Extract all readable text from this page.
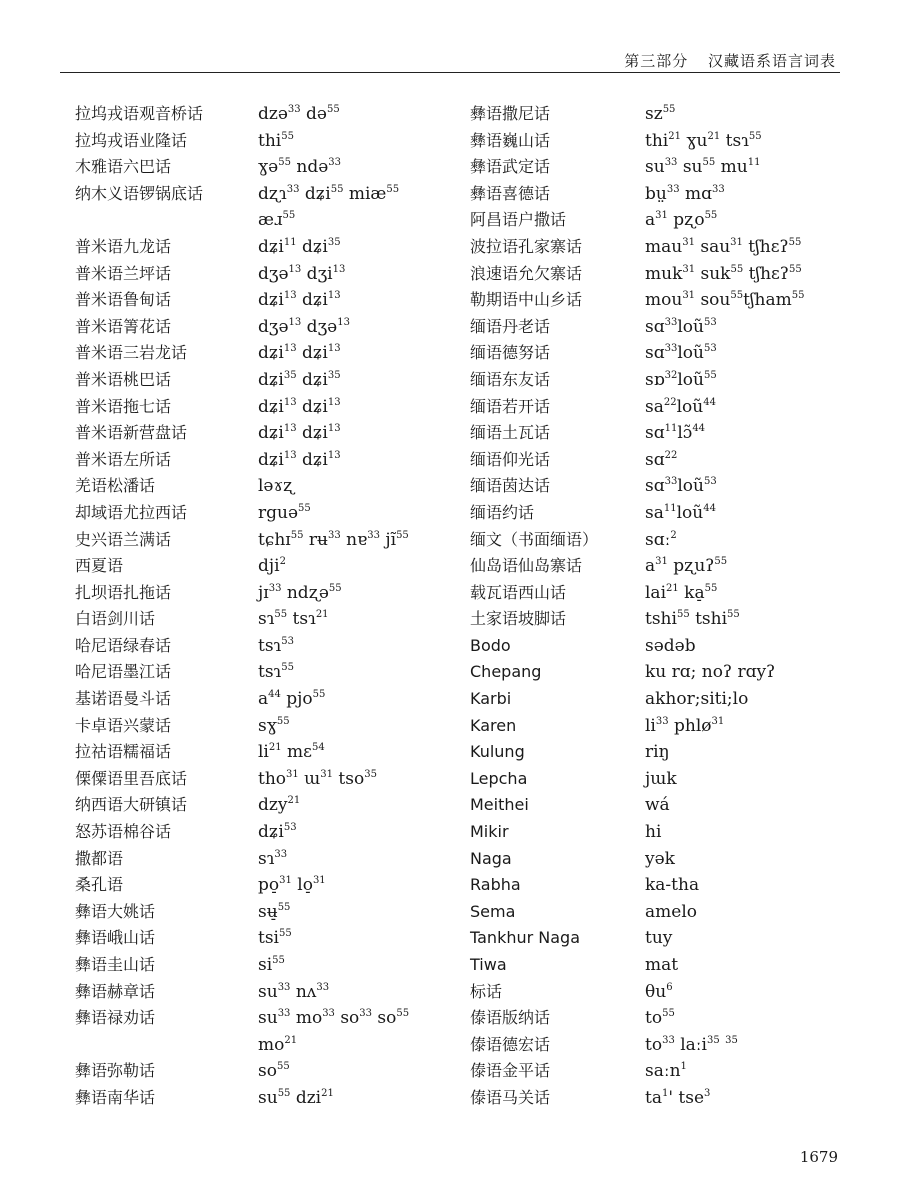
第三部分 汉藏语系语言词表
拉坞戎语观音桥话
拉坞戎语业隆话
木雅语六巴话
纳木义语锣锅底话
普米语九龙话
普米语兰坪话
普米语鲁甸话
普米语箐花话
普米语三岩龙话
普米语桃巴话
普米语拖七话
普米语新营盘话
普米语左所话
羌语松潘话
却域语尤拉西话
史兴语兰满话
西夏语
扎坝语扎拖话
白语剑川话
哈尼语绿春话
哈尼语墨江话
基诺语曼斗话
卡卓语兴蒙话
拉祜语糯福话
傈僳语里吾底话
纳西语大研镇话
怒苏语棉谷话
撒都语
桑孔语
彝语大姚话
彝语峨山话
彝语圭山话
彝语赫章话
彝语禄劝话
彝语弥勒话
彝语南华话
dzə$^{33}$ də$^{55}$
thi$^{55}$
ɣə$^{55}$ ndə$^{33}$
dʐɿ$^{33}$ dʑi$^{55}$ miæ$^{55}$
æɹ$^{55}$
dʑi$^{11}$ dʑi$^{35}$
dʒə$^{13}$ dʒi$^{13}$
dʑi$^{13}$ dʑi$^{13}$
dʒə$^{13}$ dʒə$^{13}$
dʑi$^{13}$ dʑi$^{13}$
dʑi$^{35}$ dʑi$^{35}$
dʑi$^{13}$ dʑi$^{13}$
dʑi$^{13}$ dʑi$^{13}$
dʑi$^{13}$ dʑi$^{13}$
ləɤʐ
rguə$^{55}$
tɕhɪ$^{55}$ rʉ$^{33}$ nɐ$^{33}$ $jĩ^{55}$
dji$^2$
jɪ$^{33}$ ndʐə$^{55}$
sɿ$^{55}$ tsɿ$^{21}$
tsɿ$^{53}$
tsɿ$^{55}$
$a^{44}$ pjo$^{55}$
sɣ$^{55}$
$li^{21}$ mɛ$^{54}$
tho$^{31}$ ɯ$^{31}$ tso$^{35}$
dzy$^{21}$
dʑi$^{53}$
sɿ$^{33}$
po̠$^{31}$ lo̠$^{31}$
sʉ̠$^{55}$
tsi$^{55}$
$si^{55}$
$su^{33}$ nʌ$^{33}$
$su^{33}$ $mo^{33}$ $so^{33}$ $so^{55}$
$mo^{21}$
$so^{55}$
$su^{55}$ dzi$^{21}$
彝语撒尼话
彝语巍山话
彝语武定话
彝语喜德话
阿昌语户撒话
波拉语孔家寨话
浪速语允欠寨话
勒期语中山乡话
缅语丹老话
缅语德努话
缅语东友话
缅语若开话
缅语土瓦话
缅语仰光话
缅语茵达话
缅语约话
缅文（书面缅语）
仙岛语仙岛寨话
载瓦语西山话
土家语坡脚话
Bodo
Chepang
Karbi
Karen
Kulung
Lepcha
Meithei
Mikir
Naga
Rabha
Sema
Tankhur Naga
Tiwa
标话
傣语版纳话
傣语德宏话
傣语金平话
傣语马关话
$sz^{55}$
thi$^{21}$ ɣu$^{21}$ tsɿ$^{55}$
$su^{33}$ $su^{55}$ $mu^{11}$
bṳ$^{33}$ mɑ$^{33}$
$a^{31}$ pʐo$^{55}$
mau$^{31}$ sau$^{31}$ tʃhɛʔ$^{55}$
muk$^{31}$ suk$^{55}$ tʃhɛʔ$^{55}$
mou$^{31}$ sou$^{55}$tʃham$^{55}$
sɑ$^{33}$loũ$^{53}$
sɑ$^{33}$loũ$^{53}$
sɒ$^{32}$loũ$^{55}$
$sa^{22}loũ^{44}$
sɑ$^{11}$lɔ̃$^{44}$
sɑ$^{22}$
sɑ$^{33}$loũ$^{53}$
$sa^{11}loũ^{44}$
sɑː$^2$
$a^{31}$ pʐuʔ$^{55}$
lai$^{21}$ ka̠$^{55}$
tshi$^{55}$ tshi$^{55}$
sədəb
ku rɑ; noʔ rɑyʔ
akhor;siti;lo
$li^{33}$ phlø$^{31}$
riŋ
jɯk
wá
hi
yək
ka-tha
amelo
tuy
mat
$\theta u^6$
$to^{55}$
$to^{33}$ laːi$^{35}$ $^{35}$
saːn$^1$
$ta^1'$ tse$^3$
1679
